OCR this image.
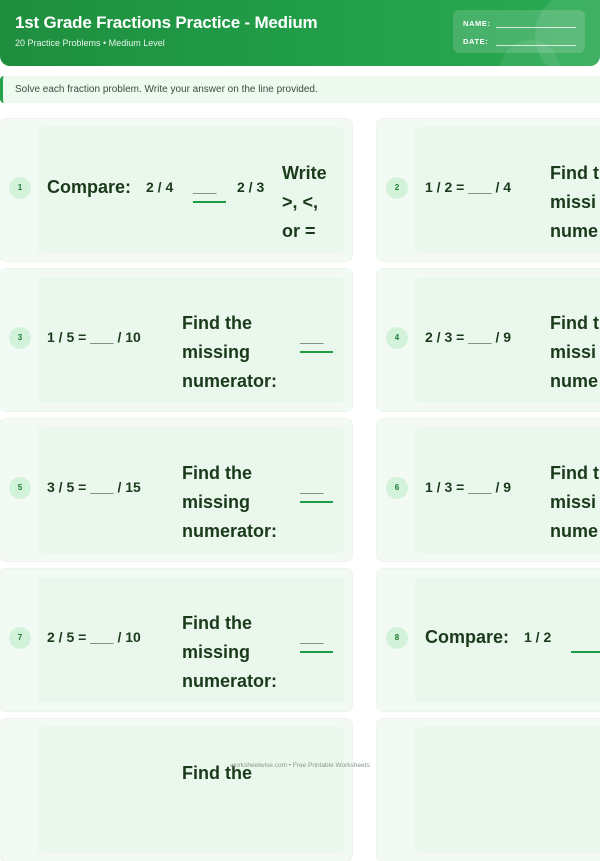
1st Grade Fractions Practice - Medium
20 Practice Problems • Medium Level
NAME:
DATE:
Solve each fraction problem. Write your answer on the line provided.
1	Compare: 2 / 4 ___ 2 / 3
Write
>, <,
or =
2	1 / 2 = ___ / 4
Find t
missi
nume
3	1 / 5 = ___ / 10
Find the
missing
numerator:
___	4	2 / 3 = ___ / 9
Find t
missi
nume
5	3 / 5 = ___ / 15
Find the
missing
numerator:
___	6	1 / 3 = ___ / 9
Find t
missi
nume
7	2 / 5 = ___ / 10
Find the
missing
numerator:
___	8	Compare: 1 / 2
Find the
worksheetwise.com • Free Printable Worksheets
